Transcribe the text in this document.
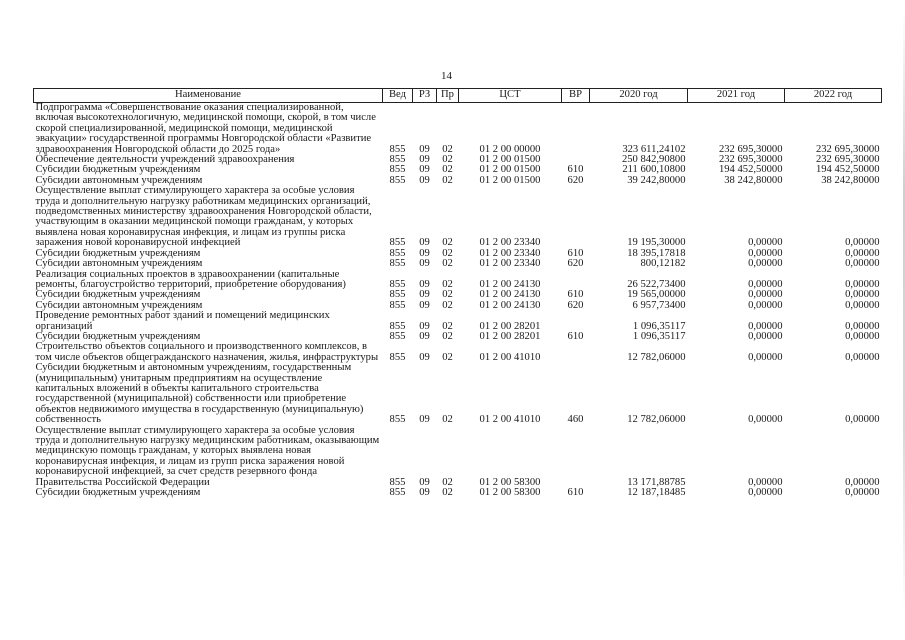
14
Наименование	Вед	РЗ	Пр	ЦСТ	ВР	2020 год	2021 год	2022 год
Подпрограмма «Совершенствование оказания специализированной, включая высокотехнологичную, медицинской помощи, скорой, в том числе скорой специализированной, медицинской помощи, медицинской эвакуации» государственной программы Новгородской области «Развитие здравоохранения Новгородской области до 2025 года»	855	09	02	01 2 00 00000		323 611,24102	232 695,30000	232 695,30000
Обеспечение деятельности учреждений здравоохранения	855	09	02	01 2 00 01500		250 842,90800	232 695,30000	232 695,30000
Субсидии бюджетным учреждениям	855	09	02	01 2 00 01500	610	211 600,10800	194 452,50000	194 452,50000
Субсидии автономным учреждениям	855	09	02	01 2 00 01500	620	39 242,80000	38 242,80000	38 242,80000
Осуществление выплат стимулирующего характера за особые условия труда и дополнительную нагрузку работникам медицинских организаций, подведомственных министерству здравоохранения Новгородской области, участвующим в оказании медицинской помощи гражданам, у которых выявлена новая коронавирусная инфекция, и лицам из группы риска заражения новой коронавирусной инфекцией	855	09	02	01 2 00 23340		19 195,30000	0,00000	0,00000
Субсидии бюджетным учреждениям	855	09	02	01 2 00 23340	610	18 395,17818	0,00000	0,00000
Субсидии автономным учреждениям	855	09	02	01 2 00 23340	620	800,12182	0,00000	0,00000
Реализация социальных проектов в здравоохранении (капитальные ремонты, благоустройство территорий, приобретение оборудования)	855	09	02	01 2 00 24130		26 522,73400	0,00000	0,00000
Субсидии бюджетным учреждениям	855	09	02	01 2 00 24130	610	19 565,00000	0,00000	0,00000
Субсидии автономным учреждениям	855	09	02	01 2 00 24130	620	6 957,73400	0,00000	0,00000
Проведение ремонтных работ зданий и помещений медицинских организаций	855	09	02	01 2 00 28201		1 096,35117	0,00000	0,00000
Субсидии бюджетным учреждениям	855	09	02	01 2 00 28201	610	1 096,35117	0,00000	0,00000
Строительство объектов социального и производственного комплексов, в том числе объектов общегражданского назначения, жилья, инфраструктуры	855	09	02	01 2 00 41010		12 782,06000	0,00000	0,00000
Субсидии бюджетным и автономным учреждениям, государственным (муниципальным) унитарным предприятиям на осуществление капитальных вложений в объекты капитального строительства государственной (муниципальной) собственности или приобретение объектов недвижимого имущества в государственную (муниципальную) собственность	855	09	02	01 2 00 41010	460	12 782,06000	0,00000	0,00000
Осуществление выплат стимулирующего характера за особые условия труда и дополнительную нагрузку медицинским работникам, оказывающим медицинскую помощь гражданам, у которых выявлена новая коронавирусная инфекция, и лицам из групп риска заражения новой коронавирусной инфекцией, за счет средств резервного фонда Правительства Российской Федерации	855	09	02	01 2 00 58300		13 171,88785	0,00000	0,00000
Субсидии бюджетным учреждениям	855	09	02	01 2 00 58300	610	12 187,18485	0,00000	0,00000
